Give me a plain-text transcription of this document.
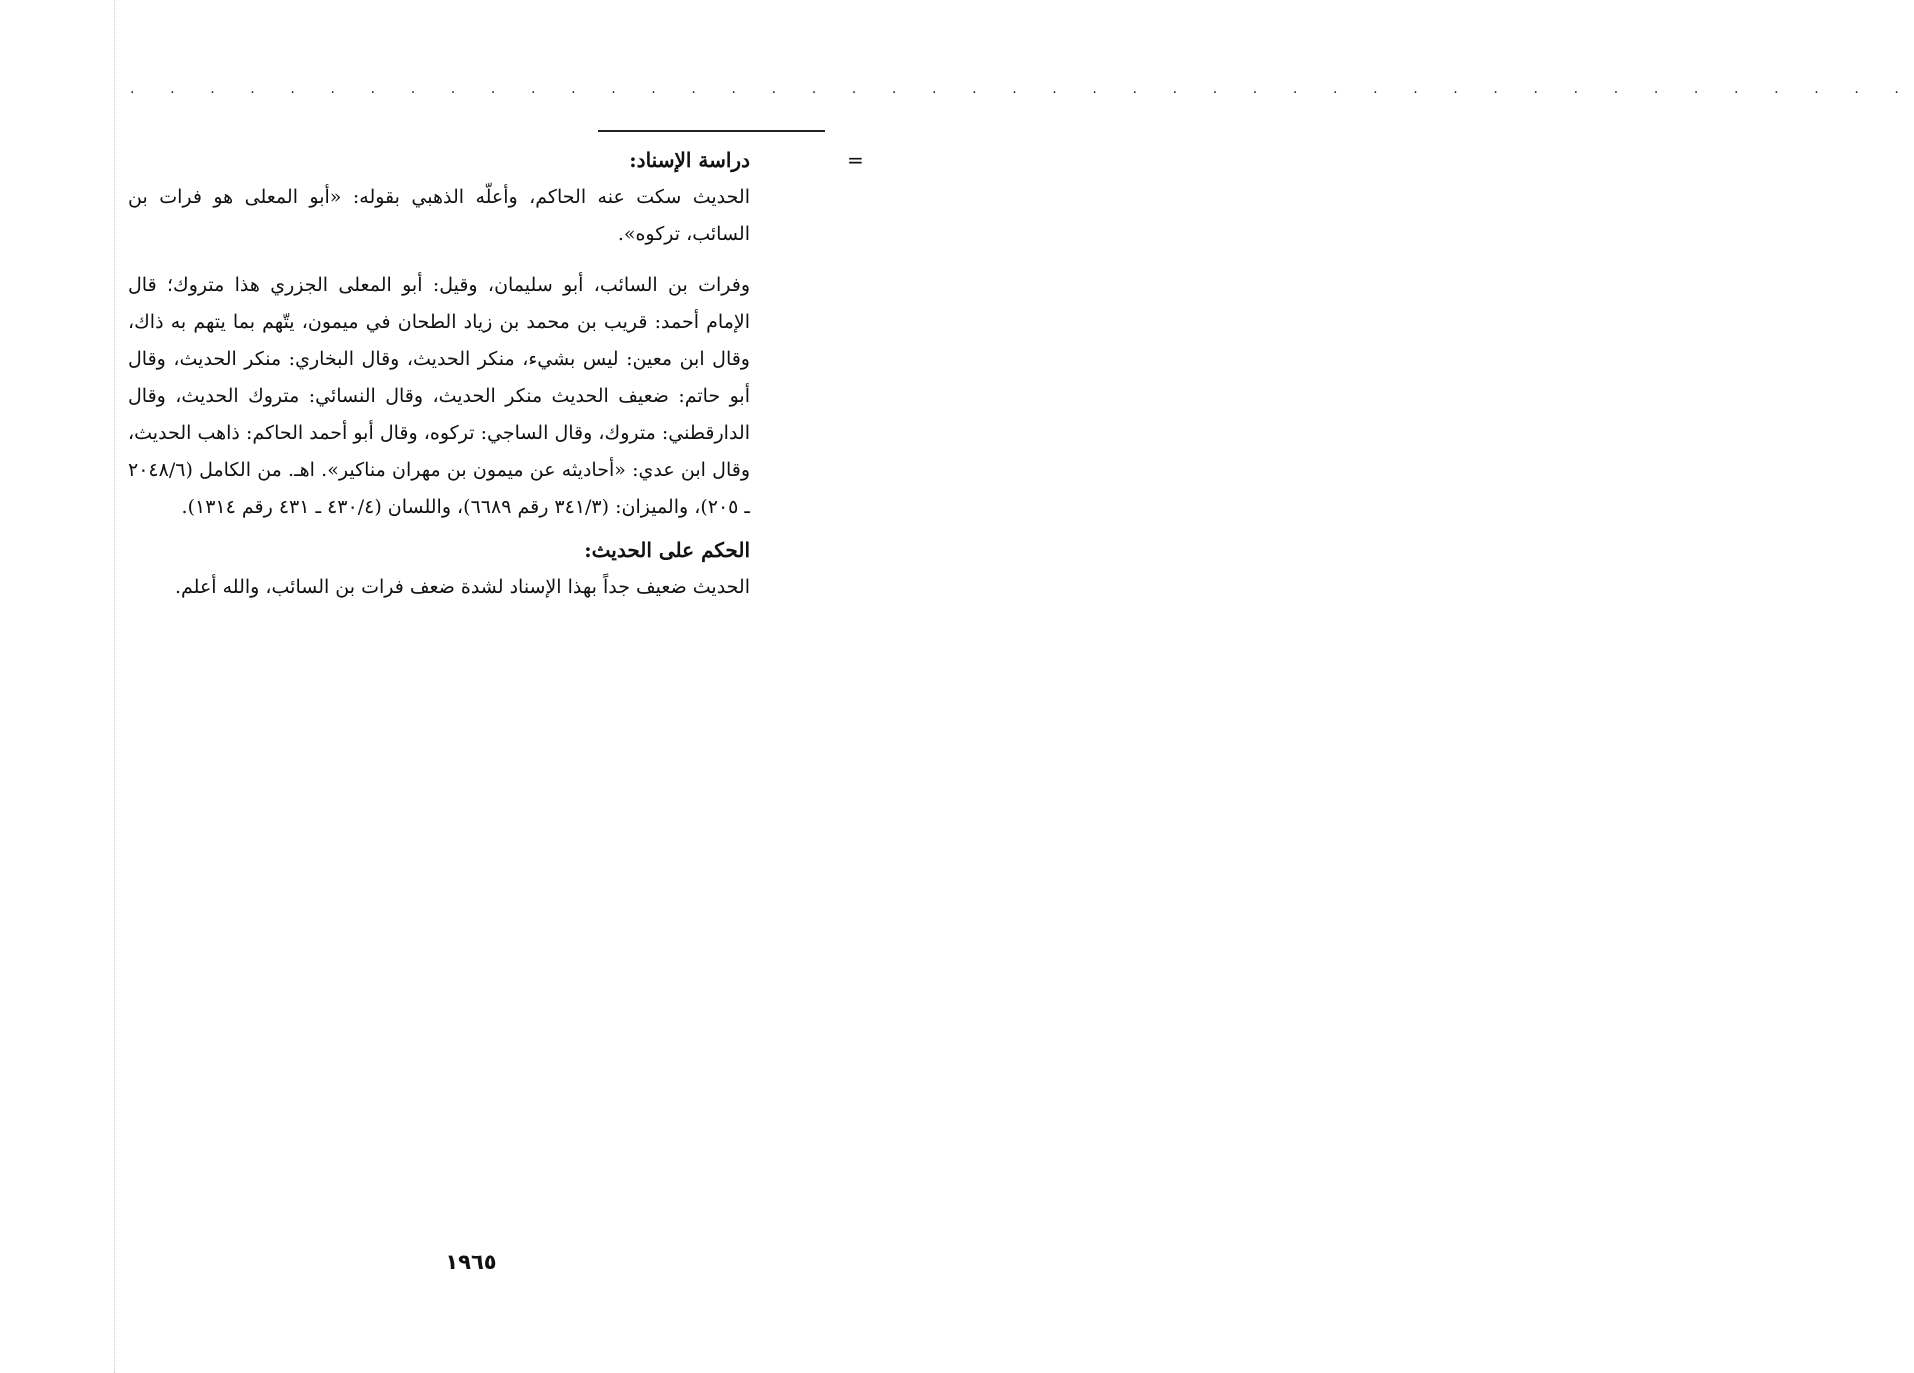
. . . . . . . . . . . . . . . . . . . . . . . . . . . . . . . . . . . . . . . . . . . . .
=

دراسة الإسناد:

الحديث سكت عنه الحاكم، وأعلّه الذهبي بقوله: «أبو المعلى هو فرات بن السائب، تركوه».

وفرات بن السائب، أبو سليمان، وقيل: أبو المعلى الجزري هذا متروك؛ قال الإمام أحمد: قريب بن محمد بن زياد الطحان في ميمون، يتّهم بما يتهم به ذاك، وقال ابن معين: ليس بشيء، منكر الحديث، وقال البخاري: منكر الحديث، وقال أبو حاتم: ضعيف الحديث منكر الحديث، وقال النسائي: متروك الحديث، وقال الدارقطني: متروك، وقال الساجي: تركوه، وقال أبو أحمد الحاكم: ذاهب الحديث، وقال ابن عدي: «أحاديثه عن ميمون بن مهران مناكير». اهـ. من الكامل (٢٠٤٨/٦ ـ ٢٠٥)، والميزان: (٣٤١/٣ رقم ٦٦٨٩)، واللسان (٤٣٠/٤ ـ ٤٣١ رقم ١٣١٤).

الحكم على الحديث:

الحديث ضعيف جداً بهذا الإسناد لشدة ضعف فرات بن السائب، والله أعلم.

١٩٦٥
